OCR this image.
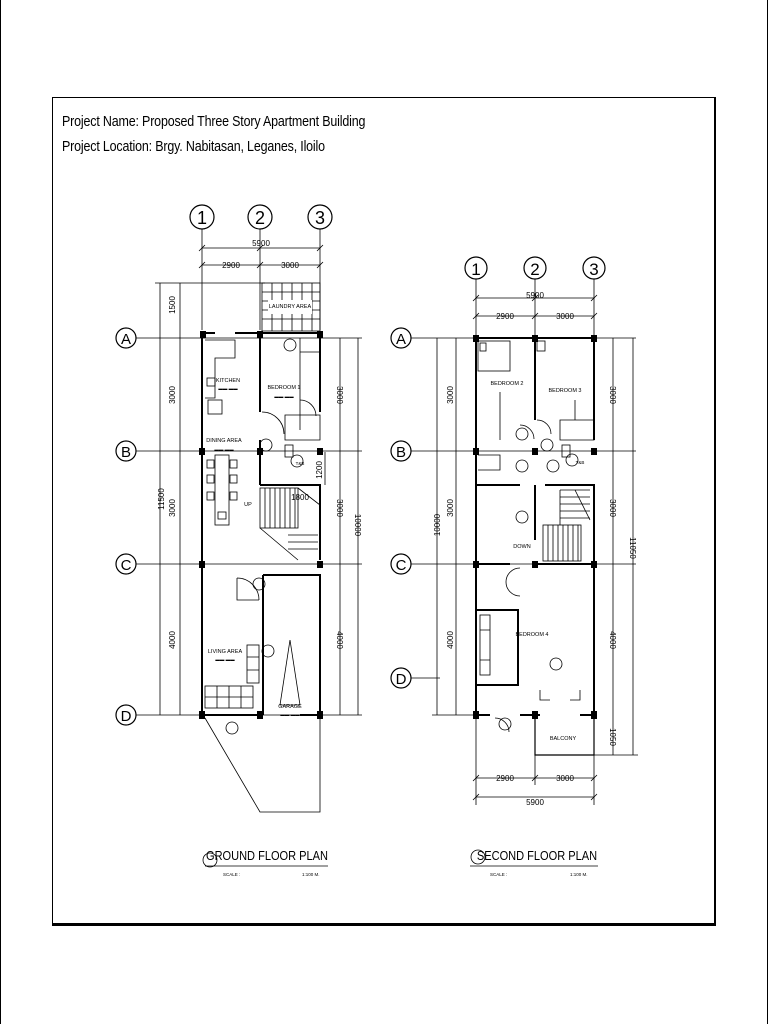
Project Name: Proposed Three Story Apartment Building
Project Location: Brgy. Nabitasan, Leganes, Iloilo
1	2	3
5900
2900	3000
A
B
C
D
11500
1500
3000
3000
4000
3000
3000
4000
10000
1200
1800
LAUNDRY AREA
KITCHEN
▬▬ ▬▬	BEDROOM 1
▬▬ ▬▬
T&B
DINING AREA
▬▬ ▬▬
UP
LIVING AREA
▬▬ ▬▬
GARAGE
▬▬ ▬▬
GROUND FLOOR PLAN
SCALE :	1:100 M.
1	2	3
5900
2900	3000
A
B
C
D
10000
3000
3000
4000
3000
3000
4000
1050
11050
2900	3000
5900
BEDROOM 2
BEDROOM 3
T&B
DOWN
BEDROOM 4
BALCONY
SECOND FLOOR PLAN
SCALE :	1:100 M.
